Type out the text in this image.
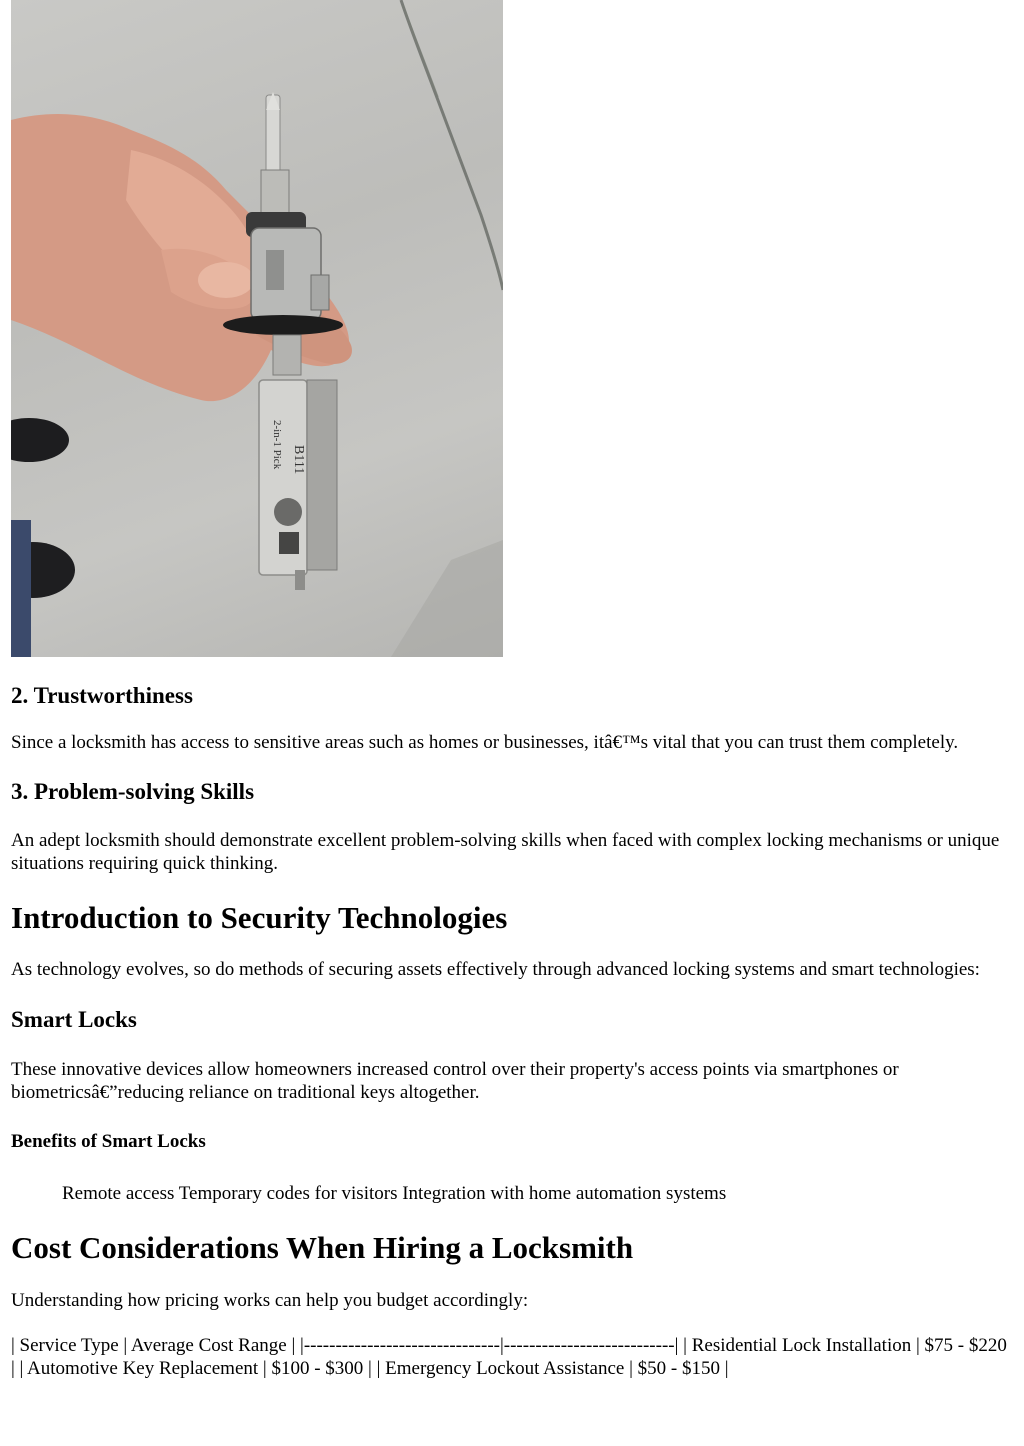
B111
2-in-1 Pick
2. Trustworthiness

Since a locksmith has access to sensitive areas such as homes or businesses, itâ€™s vital that you can trust them completely.

3. Problem-solving Skills

An adept locksmith should demonstrate excellent problem-solving skills when faced with complex locking mechanisms or unique situations requiring quick thinking.

Introduction to Security Technologies

As technology evolves, so do methods of securing assets effectively through advanced locking systems and smart technologies:

Smart Locks

These innovative devices allow homeowners increased control over their property's access points via smartphones or biometricsâ€”reducing reliance on traditional keys altogether.

Benefits of Smart Locks

Remote access Temporary codes for visitors Integration with home automation systems

Cost Considerations When Hiring a Locksmith

Understanding how pricing works can help you budget accordingly:

| Service Type | Average Cost Range | |-------------------------------|---------------------------| | Residential Lock Installation | $75 - $220 | | Automotive Key Replacement | $100 - $300 | | Emergency Lockout Assistance | $50 - $150 |
